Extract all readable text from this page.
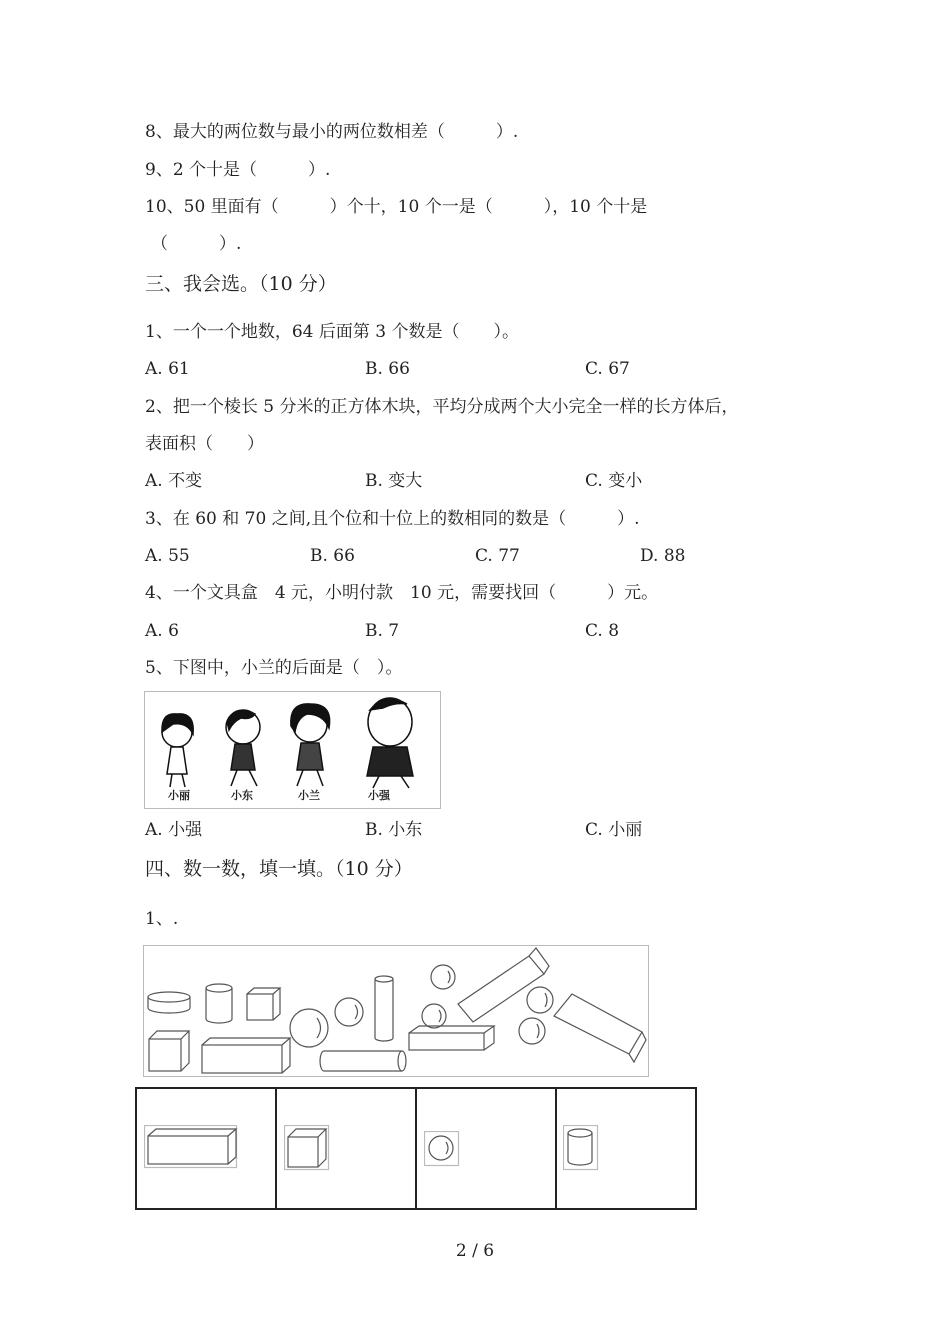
8、最大的两位数与最小的两位数相差（　　　）.
9、2 个十是（　　　）.
10、50 里面有（　　　）个十，10 个一是（　　　），10 个十是
（　　　）.
三、我会选。（10 分）
1、一个一个地数，64 后面第 3 个数是（　　）。
A. 61	B. 66	C. 67
2、把一个棱长 5 分米的正方体木块，平均分成两个大小完全一样的长方体后，
表面积（　　）
A. 不变	B. 变大	C. 变小
3、在 60 和 70 之间,且个位和十位上的数相同的数是（　　　）.
A. 55	B. 66	C. 77	D. 88
4、一个文具盒　4 元，小明付款　10 元，需要找回（　　　）元。
A. 6	B. 7	C. 8
5、下图中，小兰的后面是（　）。
小丽	小东	小兰	小强
A. 小强	B. 小东	C. 小丽
四、数一数，填一填。（10 分）
1、.
2 / 6
